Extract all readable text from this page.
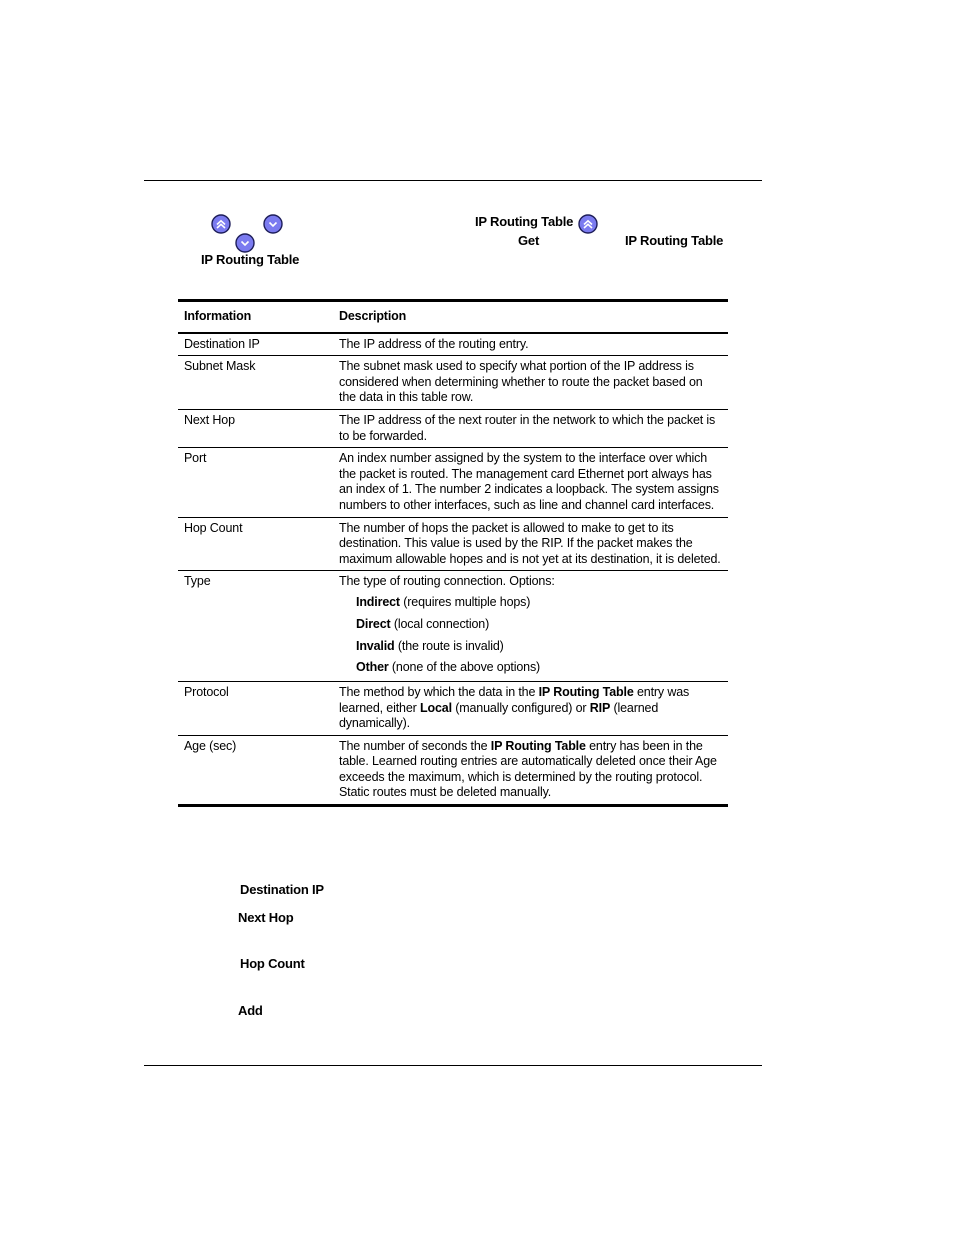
IP Routing Table
IP Routing Table
Get	IP Routing Table
Information	Description
Destination IP	The IP address of the routing entry.
Subnet Mask	The subnet mask used to specify what portion of the IP address is considered when determining whether to route the packet based on the data in this table row.
Next Hop	The IP address of the next router in the network to which the packet is to be forwarded.
Port	An index number assigned by the system to the interface over which the packet is routed. The management card Ethernet port always has an index of 1. The number 2 indicates a loopback. The system assigns numbers to other interfaces, such as line and channel card interfaces.
Hop Count	The number of hops the packet is allowed to make to get to its destination. This value is used by the RIP. If the packet makes the maximum allowable hopes and is not yet at its destination, it is deleted.
Type	The type of routing connection. Options:
Indirect (requires multiple hops)
Direct (local connection)
Invalid (the route is invalid)
Other (none of the above options)

Protocol	The method by which the data in the IP Routing Table entry was learned, either Local (manually configured) or RIP (learned dynamically).
Age (sec)	The number of seconds the IP Routing Table entry has been in the table. Learned routing entries are automatically deleted once their Age exceeds the maximum, which is determined by the routing protocol. Static routes must be deleted manually.
Destination IP
Next Hop
Hop Count
Add
